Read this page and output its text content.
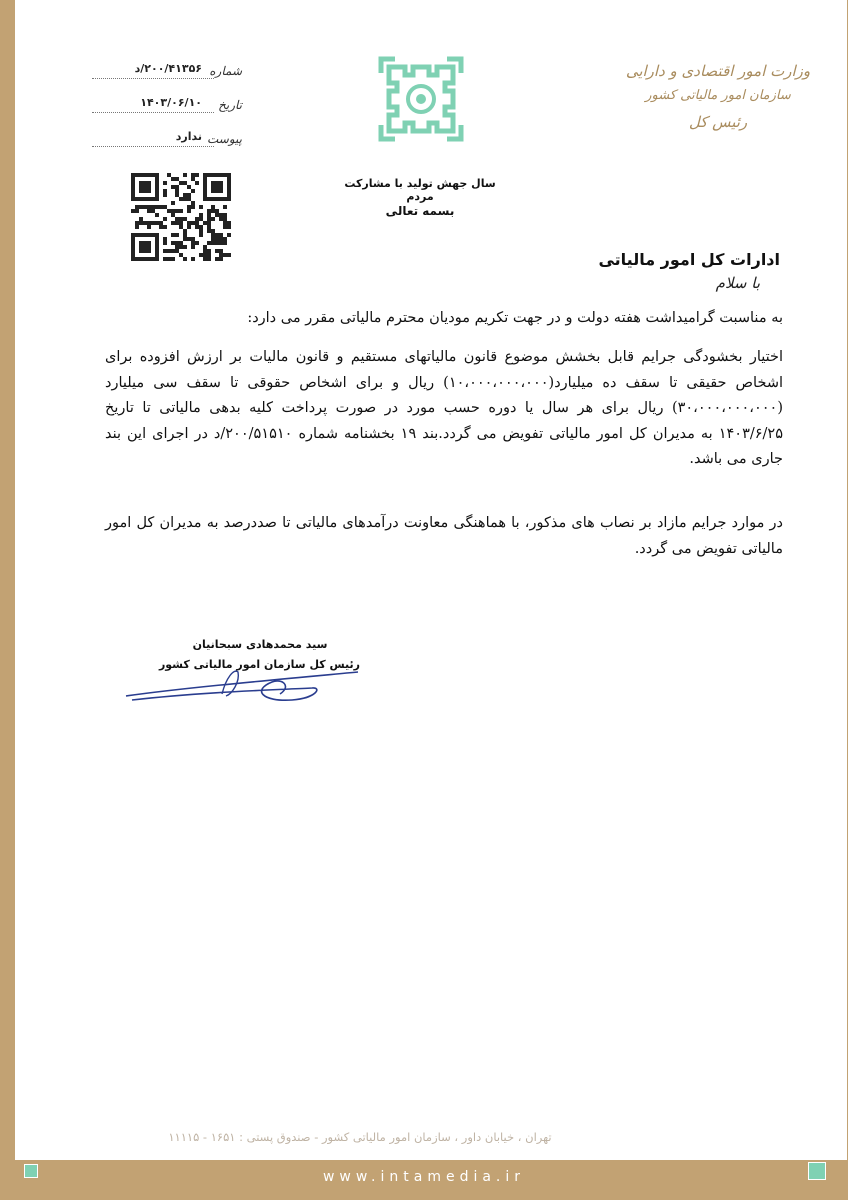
وزارت امور اقتصادی و دارایی
سازمان امور مالیاتی کشور
رئیس کل
شماره
۲۰۰/۴۱۳۵۶/د
تاریخ
۱۴۰۳/۰۶/۱۰
پیوست
ندارد
سال جهش تولید با مشارکت مردم
بسمه تعالی
ادارات کل امور مالیاتی
با سلام
به مناسبت گرامیداشت هفته دولت و در جهت تکریم مودیان محترم مالیاتی مقرر می دارد:
اختیار بخشودگی جرایم قابل بخشش موضوع قانون مالیاتهای مستقیم و قانون مالیات بر ارزش افزوده برای اشخاص حقیقی تا سقف ده میلیارد(۱۰،۰۰۰،۰۰۰،۰۰۰) ریال و برای اشخاص حقوقی تا سقف سی میلیارد (۳۰،۰۰۰،۰۰۰،۰۰۰) ریال برای هر سال یا دوره حسب مورد در صورت پرداخت کلیه بدهی مالیاتی تا تاریخ ۱۴۰۳/۶/۲۵ به مدیران کل امور مالیاتی تفویض می گردد.بند ۱۹ بخشنامه شماره ۲۰۰/۵۱۵۱۰/د در اجرای این بند جاری می باشد.
در موارد جرایم مازاد بر نصاب های مذکور، با هماهنگی معاونت درآمدهای مالیاتی تا صددرصد به مدیران کل امور مالیاتی تفویض می گردد.
سید محمدهادی سبحانیان
رئیس کل سازمان امور مالیاتی کشور
تهران ، خیابان داور ، سازمان امور مالیاتی کشور - صندوق پستی : ۱۶۵۱ - ۱۱۱۱۵
www.intamedia.ir
